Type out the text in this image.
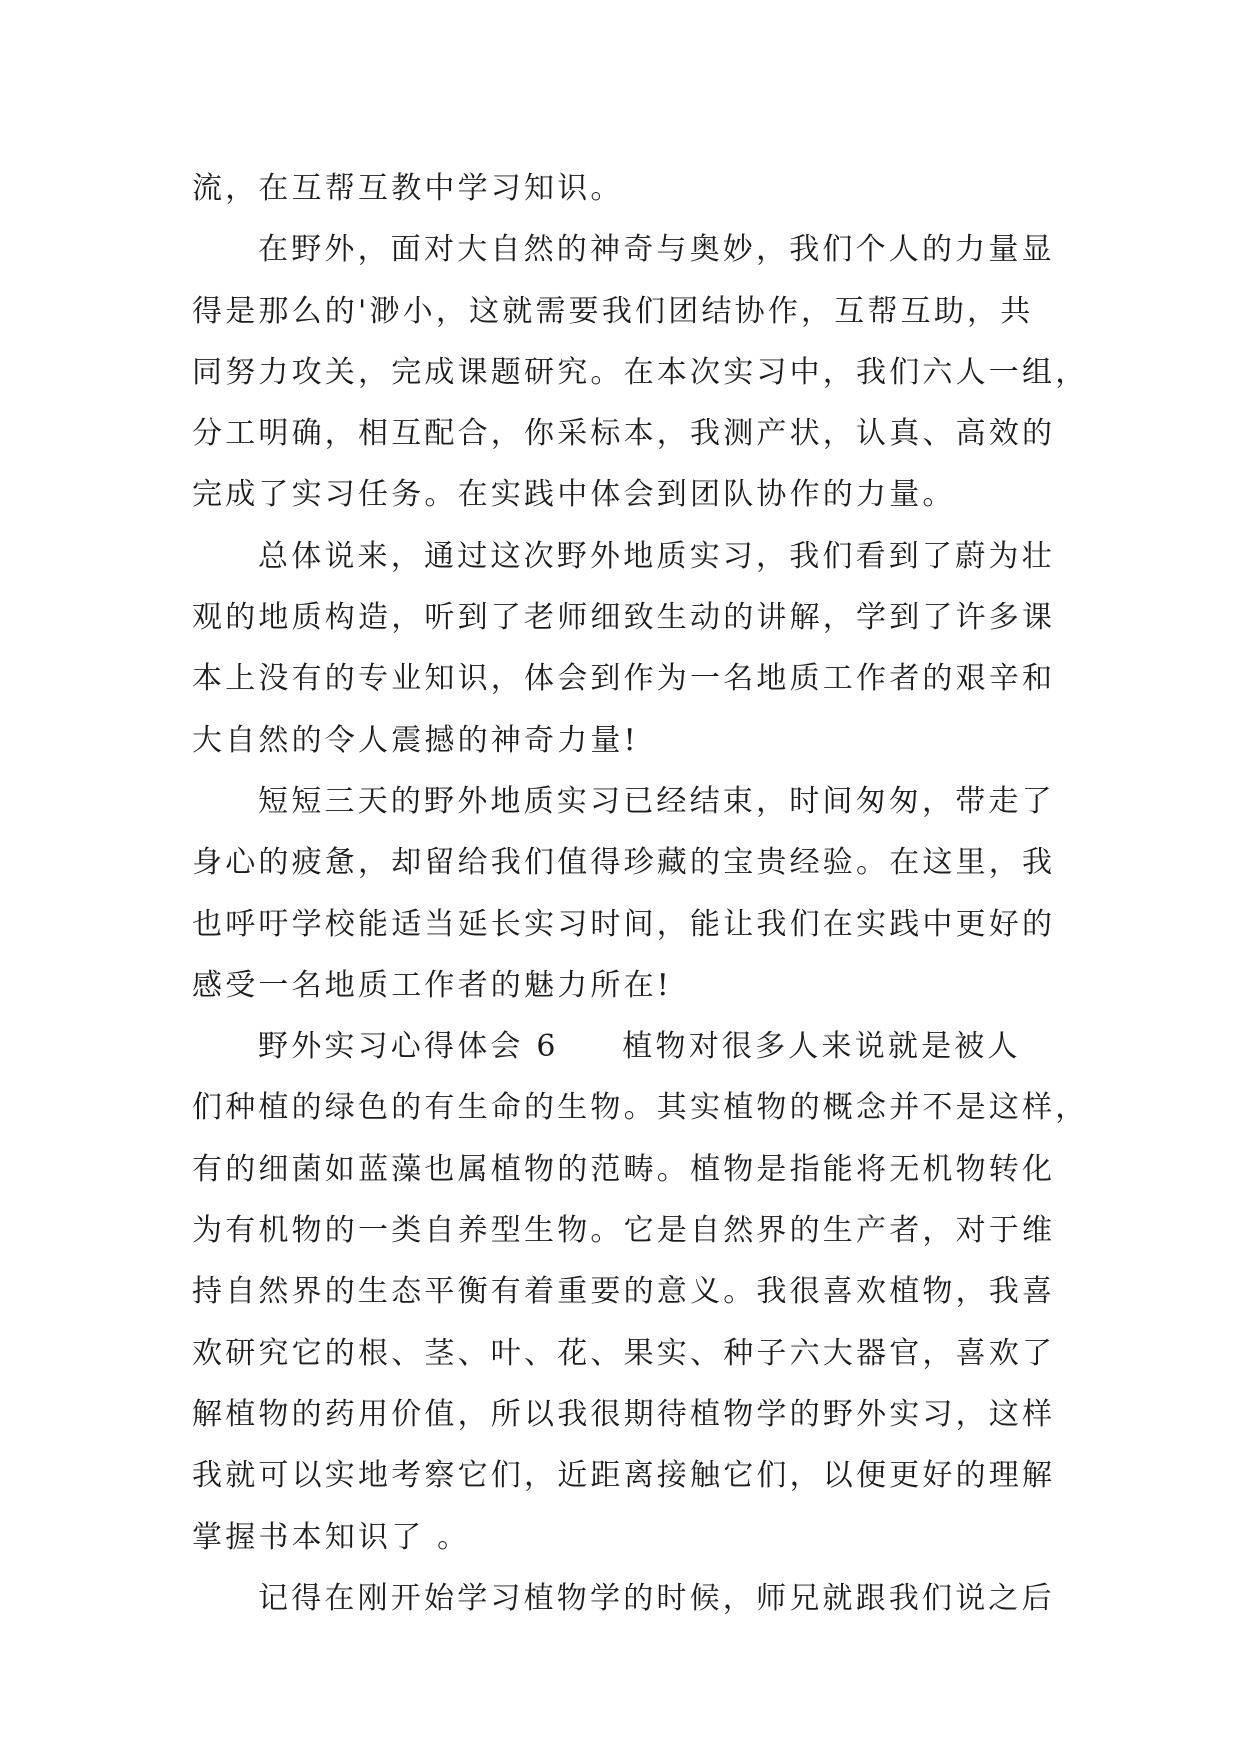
流，在互帮互教中学习知识。
在野外，面对大自然的神奇与奥妙，我们个人的力量显
得是那么的'渺小，这就需要我们团结协作，互帮互助，共
同努力攻关，完成课题研究。在本次实习中，我们六人一组，
分工明确，相互配合，你采标本，我测产状，认真、高效的
完成了实习任务。在实践中体会到团队协作的力量。
总体说来，通过这次野外地质实习，我们看到了蔚为壮
观的地质构造，听到了老师细致生动的讲解，学到了许多课
本上没有的专业知识，体会到作为一名地质工作者的艰辛和
大自然的令人震撼的神奇力量!
短短三天的野外地质实习已经结束，时间匆匆，带走了
身心的疲惫，却留给我们值得珍藏的宝贵经验。在这里，我
也呼吁学校能适当延长实习时间，能让我们在实践中更好的
感受一名地质工作者的魅力所在!
野外实习心得体会 6     植物对很多人来说就是被人
们种植的绿色的有生命的生物。其实植物的概念并不是这样，
有的细菌如蓝藻也属植物的范畴。植物是指能将无机物转化
为有机物的一类自养型生物。它是自然界的生产者，对于维
持自然界的生态平衡有着重要的意义。我很喜欢植物，我喜
欢研究它的根、茎、叶、花、果实、种子六大器官，喜欢了
解植物的药用价值，所以我很期待植物学的野外实习，这样
我就可以实地考察它们，近距离接触它们，以便更好的理解
掌握书本知识了 。
记得在刚开始学习植物学的时候，师兄就跟我们说之后
